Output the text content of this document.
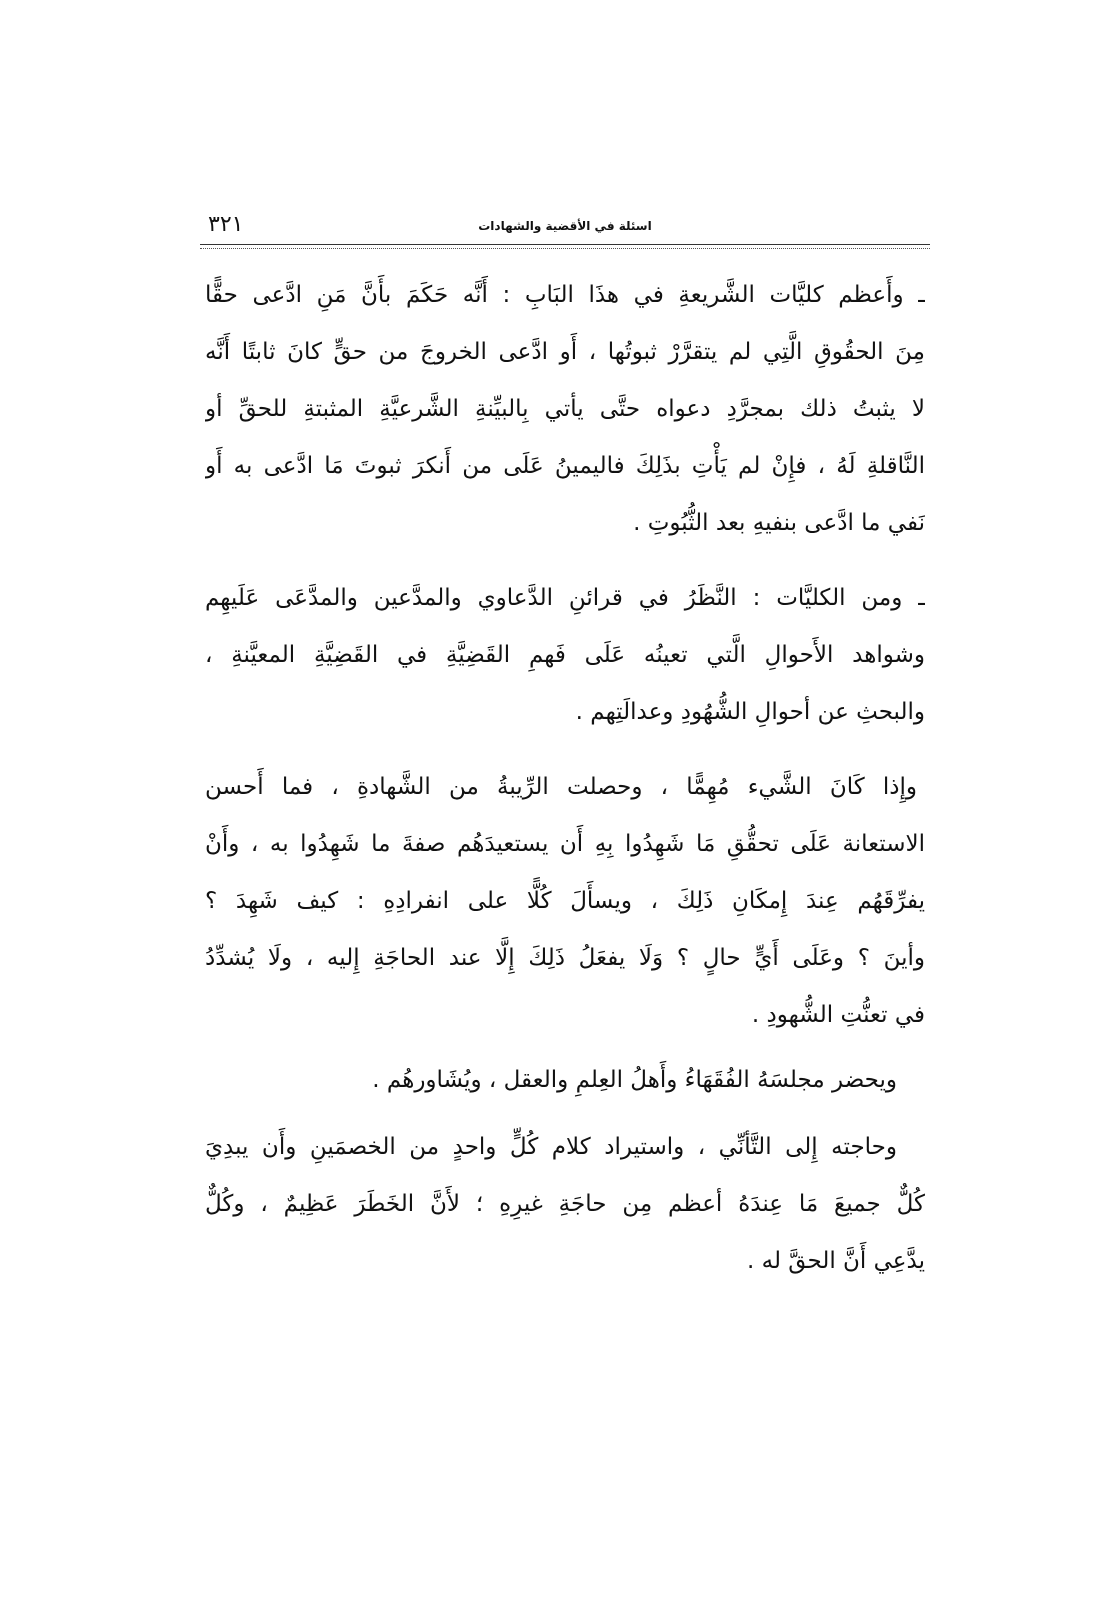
٣٢١	اسئلة في الأقضية والشهادات
ـ وأَعظم كليَّات الشَّريعةِ في هذَا البَابِ : أَنَّه حَكَمَ بأَنَّ مَنِ ادَّعى حقًّا
مِنَ الحقُوقِ الَّتِي لم يتقرَّرْ ثبوتُها ، أَو ادَّعى الخروجَ من حقٍّ كانَ ثابتًا أَنَّه
لا يثبتُ ذلك بمجرَّدِ دعواه حتَّى يأتي بِالبيِّنةِ الشَّرعيَّةِ المثبتةِ للحقِّ أو
النَّاقلةِ لَهُ ، فإِنْ لم يَأْتِ بذَلِكَ فاليمينُ عَلَى من أَنكرَ ثبوتَ مَا ادَّعى به أَو
نَفي ما ادَّعى بنفيهِ بعد الثُّبُوتِ .
ـ ومن الكليَّات : النَّظَرُ في قرائنِ الدَّعاوي والمدَّعين والمدَّعَى عَلَيهِم
وشواهد الأَحوالِ الَّتي تعينُه عَلَى فَهمِ القَضِيَّةِ في القَضِيَّةِ المعيَّنةِ ،
والبحثِ عن أحوالِ الشُّهُودِ وعدالَتِهم .
وإِذا كَانَ الشَّيء مُهِمًّا ، وحصلت الرِّيبةُ من الشَّهادةِ ، فما أَحسن
الاستعانة عَلَى تحقُّقِ مَا شَهِدُوا بِهِ أَن يستعيدَهُم صفةَ ما شَهِدُوا به ، وأَنْ
يفرِّقَهُم عِندَ إِمكَانِ ذَلِكَ ، ويسأَلَ كُلًّا على انفرادِهِ : كيف شَهِدَ ؟
وأينَ ؟ وعَلَى أَيٍّ حالٍ ؟ وَلَا يفعَلُ ذَلِكَ إِلَّا عند الحاجَةِ إِليه ، ولَا يُشدِّدُ
في تعنُّتِ الشُّهودِ .
ويحضر مجلسَهُ الفُقَهَاءُ وأَهلُ العِلمِ والعقل ، ويُشَاورهُم .
وحاجته إِلى التَّأنِّي ، واستيراد كلام كُلٍّ واحدٍ من الخصمَينِ وأَن يبدِيَ
كُلٌّ جميعَ مَا عِندَهُ أعظم مِن حاجَةِ غيرِهِ ؛ لأَنَّ الخَطَرَ عَظِيمٌ ، وكُلٌّ
يدَّعِي أَنَّ الحقَّ له .
